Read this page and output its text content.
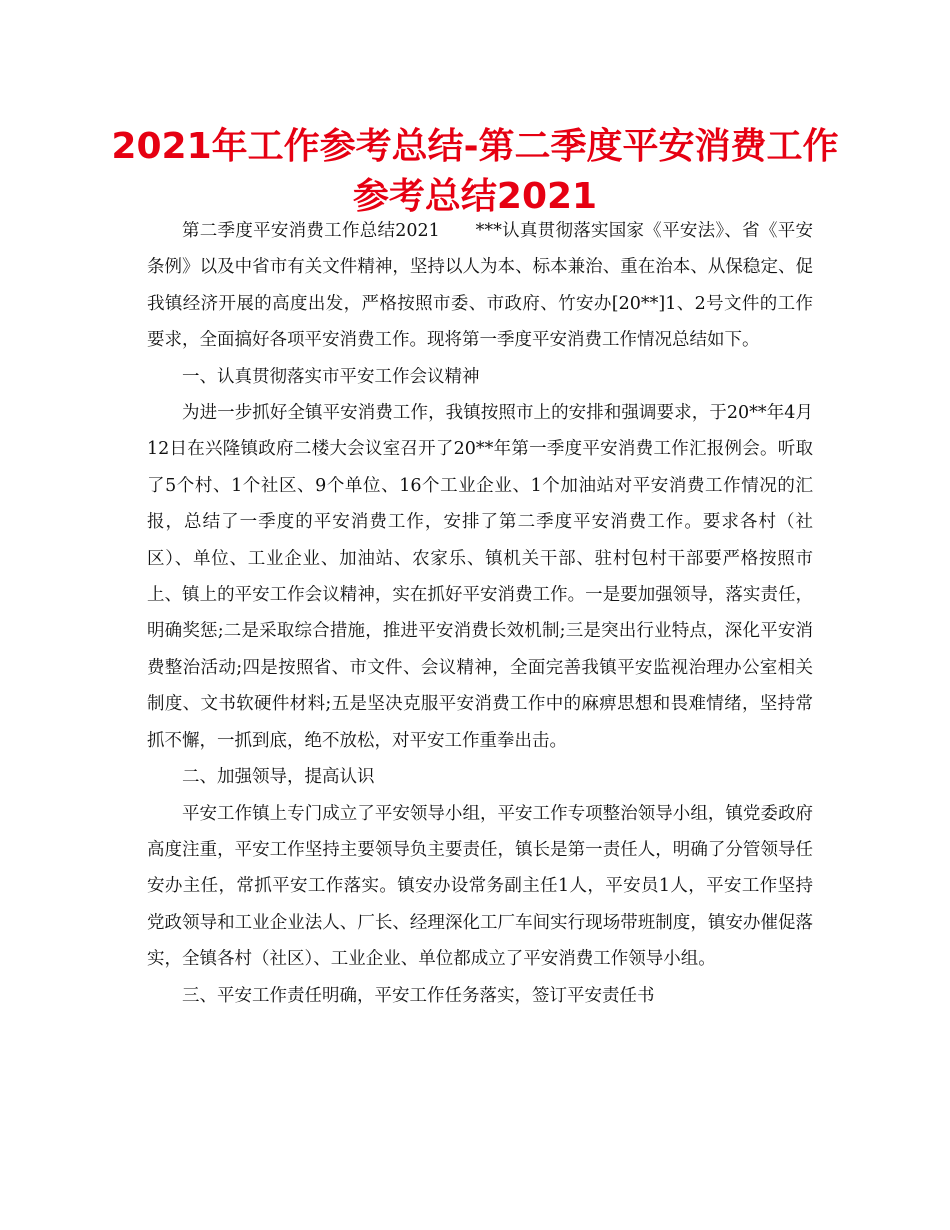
2021年工作参考总结-第二季度平安消费工作参考总结2021

第二季度平安消费工作总结2021　　***认真贯彻落实国家《平安法》、省《平安条例》以及中省市有关文件精神，坚持以人为本、标本兼治、重在治本、从保稳定、促我镇经济开展的高度出发，严格按照市委、市政府、竹安办[20**]1、2号文件的工作要求，全面搞好各项平安消费工作。现将第一季度平安消费工作情况总结如下。

一、认真贯彻落实市平安工作会议精神

为进一步抓好全镇平安消费工作，我镇按照市上的安排和强调要求，于20**年4月12日在兴隆镇政府二楼大会议室召开了20**年第一季度平安消费工作汇报例会。听取了5个村、1个社区、9个单位、16个工业企业、1个加油站对平安消费工作情况的汇报，总结了一季度的平安消费工作，安排了第二季度平安消费工作。要求各村（社区）、单位、工业企业、加油站、农家乐、镇机关干部、驻村包村干部要严格按照市上、镇上的平安工作会议精神，实在抓好平安消费工作。一是要加强领导，落实责任，明确奖惩;二是采取综合措施，推进平安消费长效机制;三是突出行业特点，深化平安消费整治活动;四是按照省、市文件、会议精神，全面完善我镇平安监视治理办公室相关制度、文书软硬件材料;五是坚决克服平安消费工作中的麻痹思想和畏难情绪，坚持常抓不懈，一抓到底，绝不放松，对平安工作重拳出击。

二、加强领导，提高认识

平安工作镇上专门成立了平安领导小组，平安工作专项整治领导小组，镇党委政府高度注重，平安工作坚持主要领导负主要责任，镇长是第一责任人，明确了分管领导任安办主任，常抓平安工作落实。镇安办设常务副主任1人，平安员1人，平安工作坚持党政领导和工业企业法人、厂长、经理深化工厂车间实行现场带班制度，镇安办催促落实，全镇各村（社区）、工业企业、单位都成立了平安消费工作领导小组。

三、平安工作责任明确，平安工作任务落实，签订平安责任书
